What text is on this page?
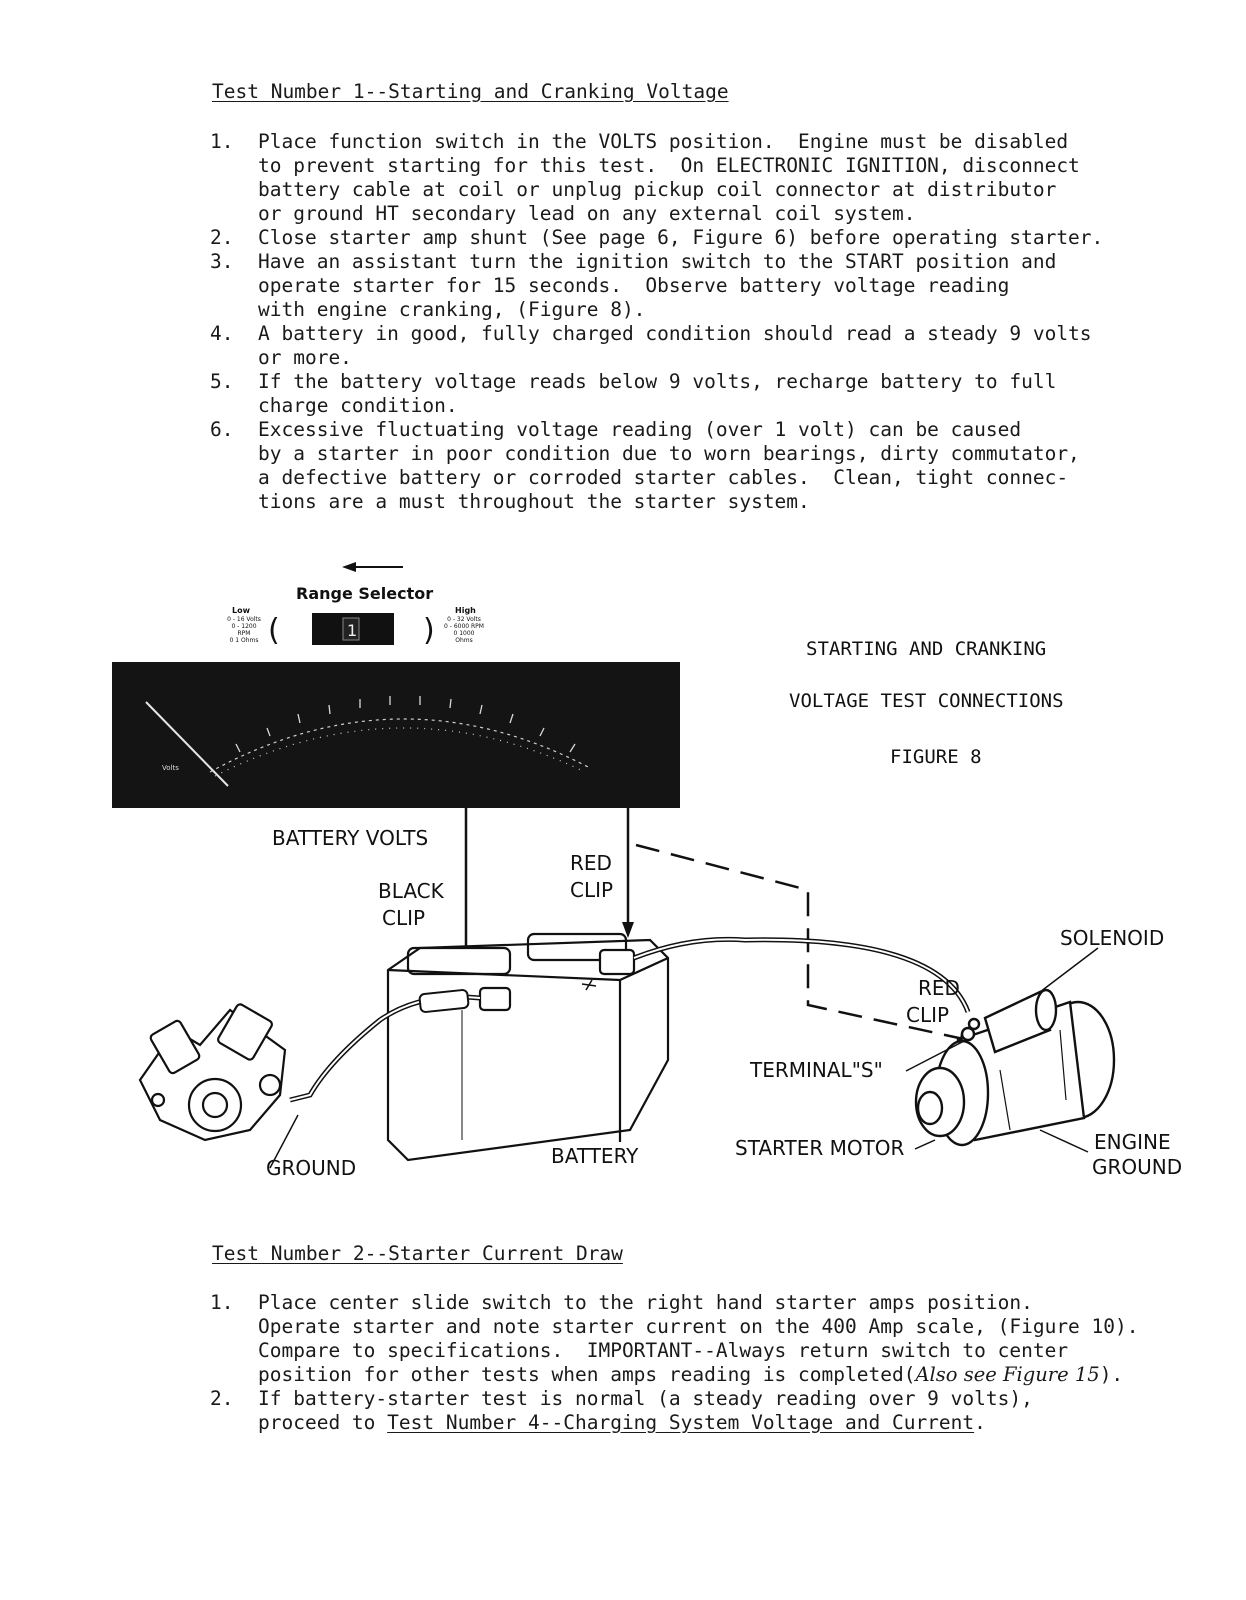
Test Number 1--Starting and Cranking Voltage
1. Place function switch in the VOLTS position.  Engine must be disabled
to prevent starting for this test.  On ELECTRONIC IGNITION, disconnect
battery cable at coil or unplug pickup coil connector at distributor
or ground HT secondary lead on any external coil system.
2. Close starter amp shunt (See page 6, Figure 6) before operating starter.
3. Have an assistant turn the ignition switch to the START position and
operate starter for 15 seconds.  Observe battery voltage reading
with engine cranking, (Figure 8).
4. A battery in good, fully charged condition should read a steady 9 volts
or more.
5. If the battery voltage reads below 9 volts, recharge battery to full
charge condition.
6. Excessive fluctuating voltage reading (over 1 volt) can be caused
by a starter in poor condition due to worn bearings, dirty commutator,
a defective battery or corroded starter cables.  Clean, tight connec-
tions are a must throughout the starter system.
(	)
Range Selector
Low
0 - 16 Volts
0 - 1200 RPM
0 1 Ohms
High
0 - 32 Volts
0 - 6000 RPM
0 1000 Ohms
1
Volts
STARTING AND CRANKING
VOLTAGE TEST CONNECTIONS
FIGURE 8
BATTERY VOLTS
RED
CLIP
BLACK
CLIP
SOLENOID
RED
CLIP
TERMINAL"S"
STARTER MOTOR	ENGINE
GROUND
GROUND	BATTERY
Test Number 2--Starter Current Draw
1. Place center slide switch to the right hand starter amps position.
Operate starter and note starter current on the 400 Amp scale, (Figure 10).
Compare to specifications.  IMPORTANT--Always return switch to center
position for other tests when amps reading is completed(Also see Figure 15).
2. If battery-starter test is normal (a steady reading over 9 volts),
proceed to Test Number 4--Charging System Voltage and Current.
